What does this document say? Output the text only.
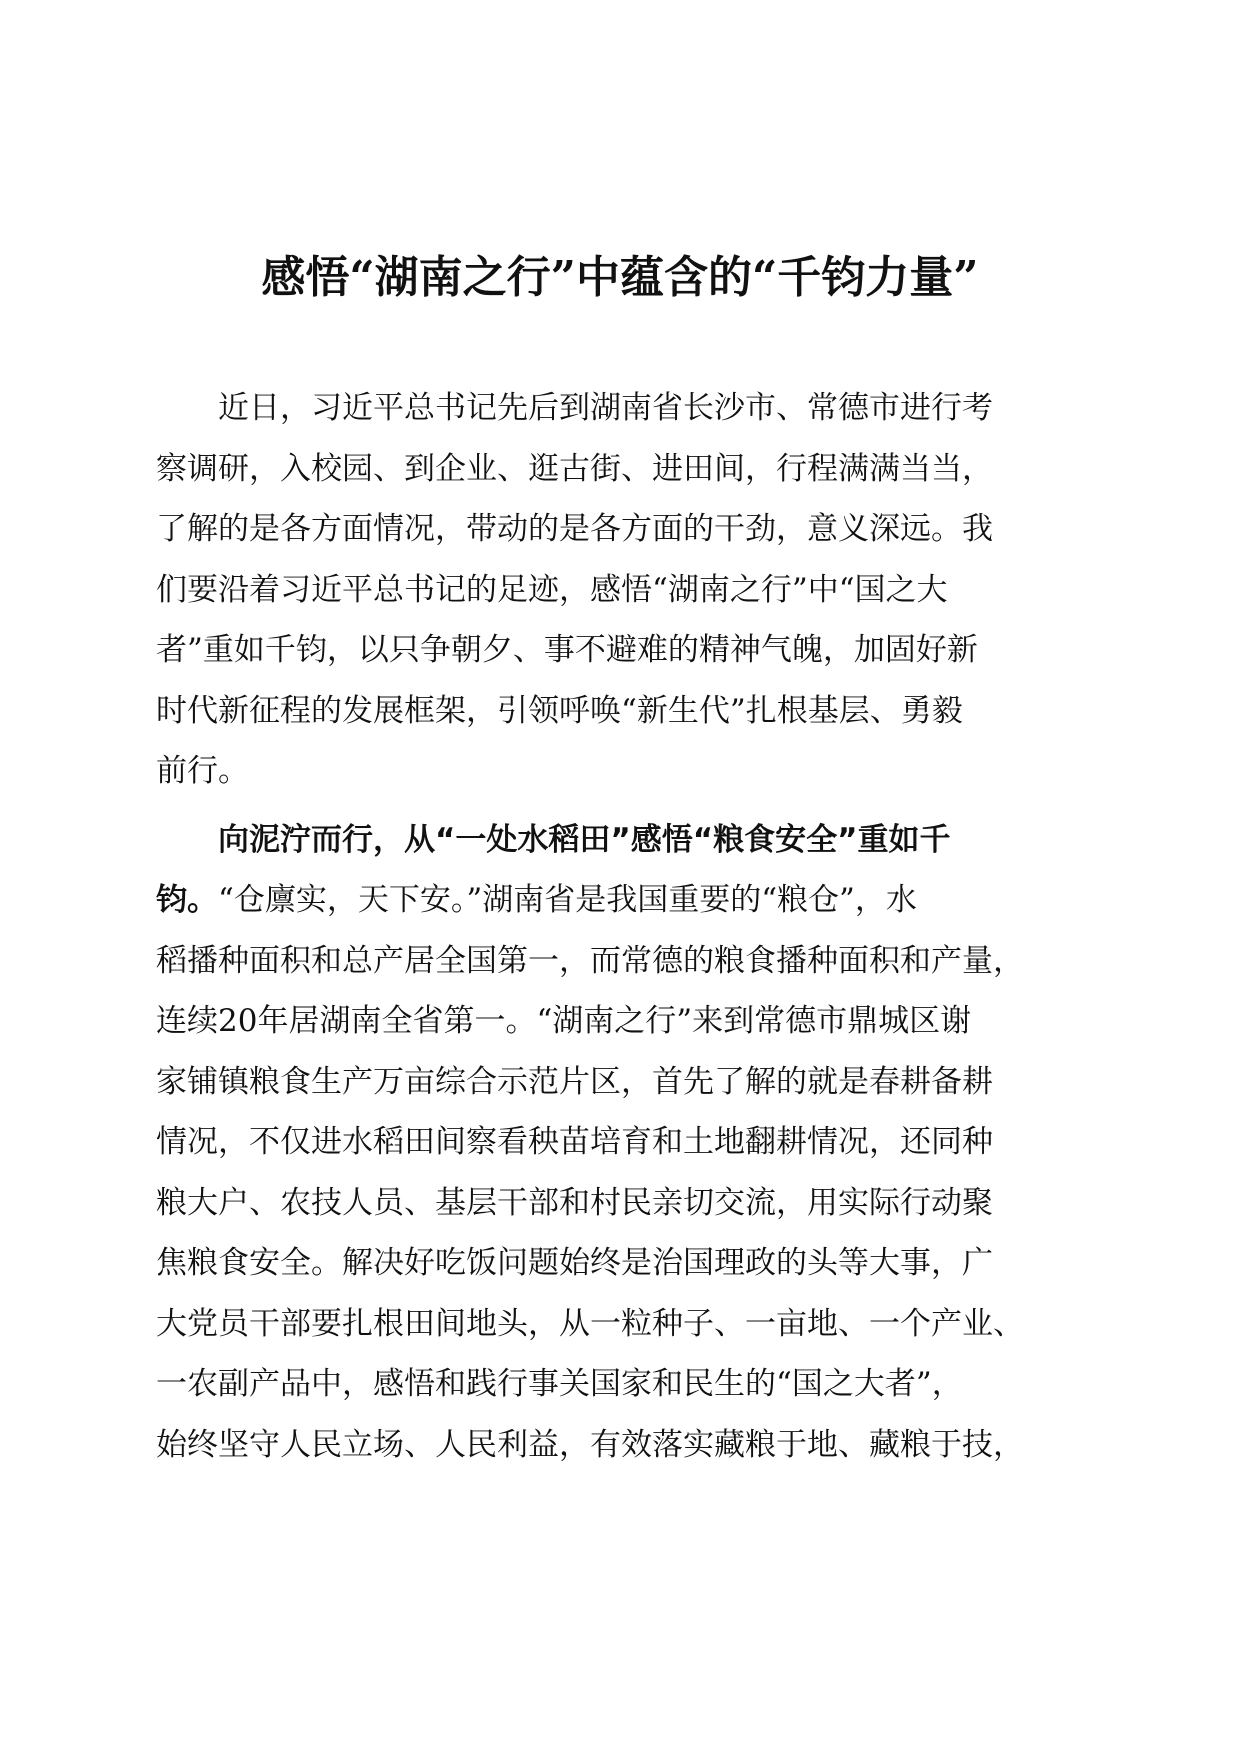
感悟“湖南之行”中蕴含的“千钧力量”
　　近日，习近平总书记先后到湖南省长沙市、常德市进行考
察调研，入校园、到企业、逛古街、进田间，行程满满当当，
了解的是各方面情况，带动的是各方面的干劲，意义深远。我
们要沿着习近平总书记的足迹，感悟“湖南之行”中“国之大
者”重如千钧，以只争朝夕、事不避难的精神气魄，加固好新
时代新征程的发展框架，引领呼唤“新生代”扎根基层、勇毅
前行。
　　向泥泞而行，从“一处水稻田”感悟“粮食安全”重如千
钧。“仓廪实，天下安。”湖南省是我国重要的“粮仓”，水
稻播种面积和总产居全国第一，而常德的粮食播种面积和产量，
连续20年居湖南全省第一。“湖南之行”来到常德市鼎城区谢
家铺镇粮食生产万亩综合示范片区，首先了解的就是春耕备耕
情况，不仅进水稻田间察看秧苗培育和土地翻耕情况，还同种
粮大户、农技人员、基层干部和村民亲切交流，用实际行动聚
焦粮食安全。解决好吃饭问题始终是治国理政的头等大事，广
大党员干部要扎根田间地头，从一粒种子、一亩地、一个产业、
一农副产品中，感悟和践行事关国家和民生的“国之大者”，
始终坚守人民立场、人民利益，有效落实藏粮于地、藏粮于技，
